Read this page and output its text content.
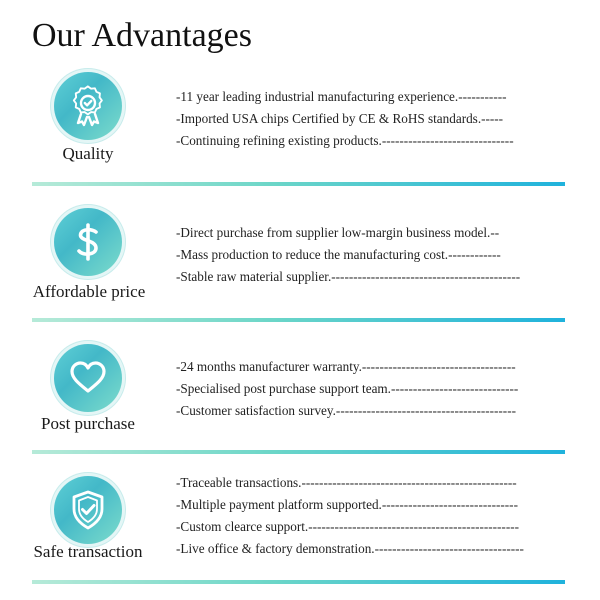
Our Advantages
Quality
-11 year leading industrial manufacturing experience.-----------
-Imported USA chips Certified by CE & RoHS standards.-----
-Continuing refining existing products.------------------------------
Affordable price
-Direct purchase from supplier low-margin business model.--
-Mass production to reduce the manufacturing cost.------------
-Stable raw material supplier.-------------------------------------------
Post purchase
-24 months manufacturer warranty.-----------------------------------
-Specialised post purchase support team.-----------------------------
-Customer satisfaction survey.-----------------------------------------
Safe transaction
-Traceable transactions.-------------------------------------------------
-Multiple payment platform supported.-------------------------------
-Custom clearce support.------------------------------------------------
-Live office & factory demonstration.----------------------------------
